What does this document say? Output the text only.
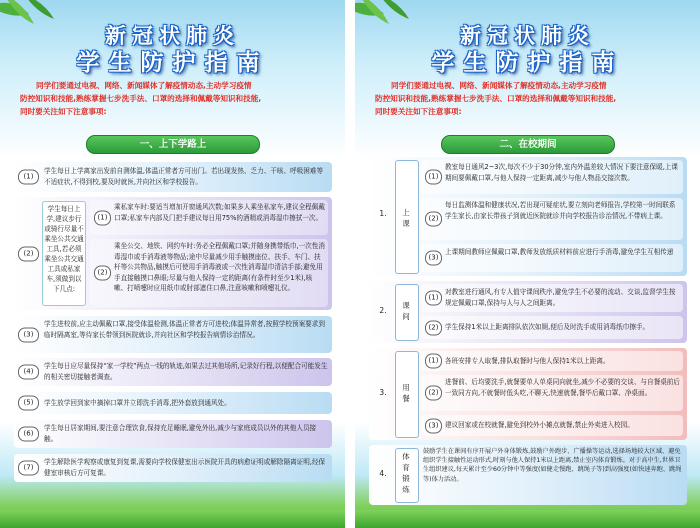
新冠状肺炎
学生防护指南
同学们要通过电视、网络、新闻媒体了解疫情动态,主动学习疫情
防控知识和技能,熟练掌握七步洗手法、口罩的选择和佩戴等知识和技能,
同时要关注如下注意事项:
一、上下学路上
(1)
学生每日上学离家出发前自测体温,体温正常者方可出门。若出现发热、乏力、干咳、呼吸困难等不适症状,不得到校,要及时就医,并向社区和学校报告。
(2)
学生每日上学,建议步行或骑行尽量不乘坐公共交通工具,若必须乘坐公共交通工具或私家车,须做到以下几点:
(1)
乘私家车时:要适当增加开窗通风次数;如果多人乘坐私家车,建议全程佩戴口罩;私家车内部及门把手建议每日用75%的酒精或消毒湿巾擦拭一次。
(2)
乘坐公交、地铁、网约车时:务必全程佩戴口罩;并随身携带纸巾,一次性消毒湿巾或手消毒液等物品;途中尽量减少用手触摸座位、扶手、车门、扶杆等公共物品,触摸后可使用手消毒液或一次性消毒湿巾清洁手部;避免用手直接触摸口鼻眼;尽量与他人保持一定的距离(有条件时至少1米),咳嗽、打喷嚏时应用纸巾或肘部遮住口鼻,注意咳嗽和喷嚏礼仪。
(3)
学生进校前,应主动佩戴口罩,接受体温检测,体温正常者方可进校;体温异常者,按照学校预案要求到临时隔离室,等待家长带领到医院就诊,并向社区和学校报告病情诊治情况。
(4)
学生每日应尽量保持“家一学校”两点一线的轨迹,如果去过其他场所,记录好行程,以便配合可能发生的相关密切接触者调查。
(5)	学生放学回到家中摘掉口罩并立即洗手消毒,把外套放到通风处。
(6)
学生每日居家期间,要注意合理饮食,保持充足睡眠,避免外出,减少与家庭成员以外的其他人员接触。
(7)
学生解除医学观察或康复到复课,需要向学校保健室出示医院开具的病愈证明或解除隔离证明,经保健室审核后方可复课。
新冠状肺炎
学生防护指南
同学们要通过电视、网络、新闻媒体了解疫情动态,主动学习疫情
防控知识和技能,熟练掌握七步洗手法、口罩的选择和佩戴等知识和技能,
同时要关注如下注意事项:
二、在校期间
1.	上课
(1)
教室每日通风2~3次,每次不少于30分钟,室内外温差较大情况下要注意保暖,上课期间要佩戴口罩,与他人保持一定距离,减少与他人物品交接次数。
(2)
每日监测体温和健康状况,若出现可疑症状,要立刻向老师报告,学校第一时间联系学生家长,由家长带孩子到就近医院就诊并向学校报告诊治情况,不带病上课。
(3)
上课期间教师应佩戴口罩,教师发放纸质材料前应进行手消毒,避免学生互相传递
2.
课间
(1)
对教室进行通风,有专人值守课间秩序,避免学生不必要的流动、交谈,监督学生按规定佩戴口罩,保持与人与人之间距离。
(2) 学生保持1米以上距离排队依次如厕,便后及时洗手或用消毒纸巾擦手。
3.
用餐
(1) 各班安排专人取餐,排队取餐时与他人保持1米以上距离。
(2)
进餐前、后均要洗手,就餐要单人单桌同向就坐,减少不必要的交谈、与自餐桌前后一致同方向,不就餐时低头吃,不聊天,快速就餐,餐毕后戴口罩、净桌面。
(3) 建议回家或在校就餐,避免到校外小摊点就餐,禁止外卖进入校园。
4.
体育锻炼
鼓励学生在课间有序开展户外身体锻炼,鼓励户外跑步、广播操等运动,选择场地较大区域、避免组织学生接触性运动形式,时刻与他人保持1米以上距离,禁止室内体育锻炼。对于高中生,世界卫生组织建议,每天累计至少60分钟中等强度(如健走慢跑、跳绳子等)到高强度(如快速奔跑、跳绳等)体力活动。
